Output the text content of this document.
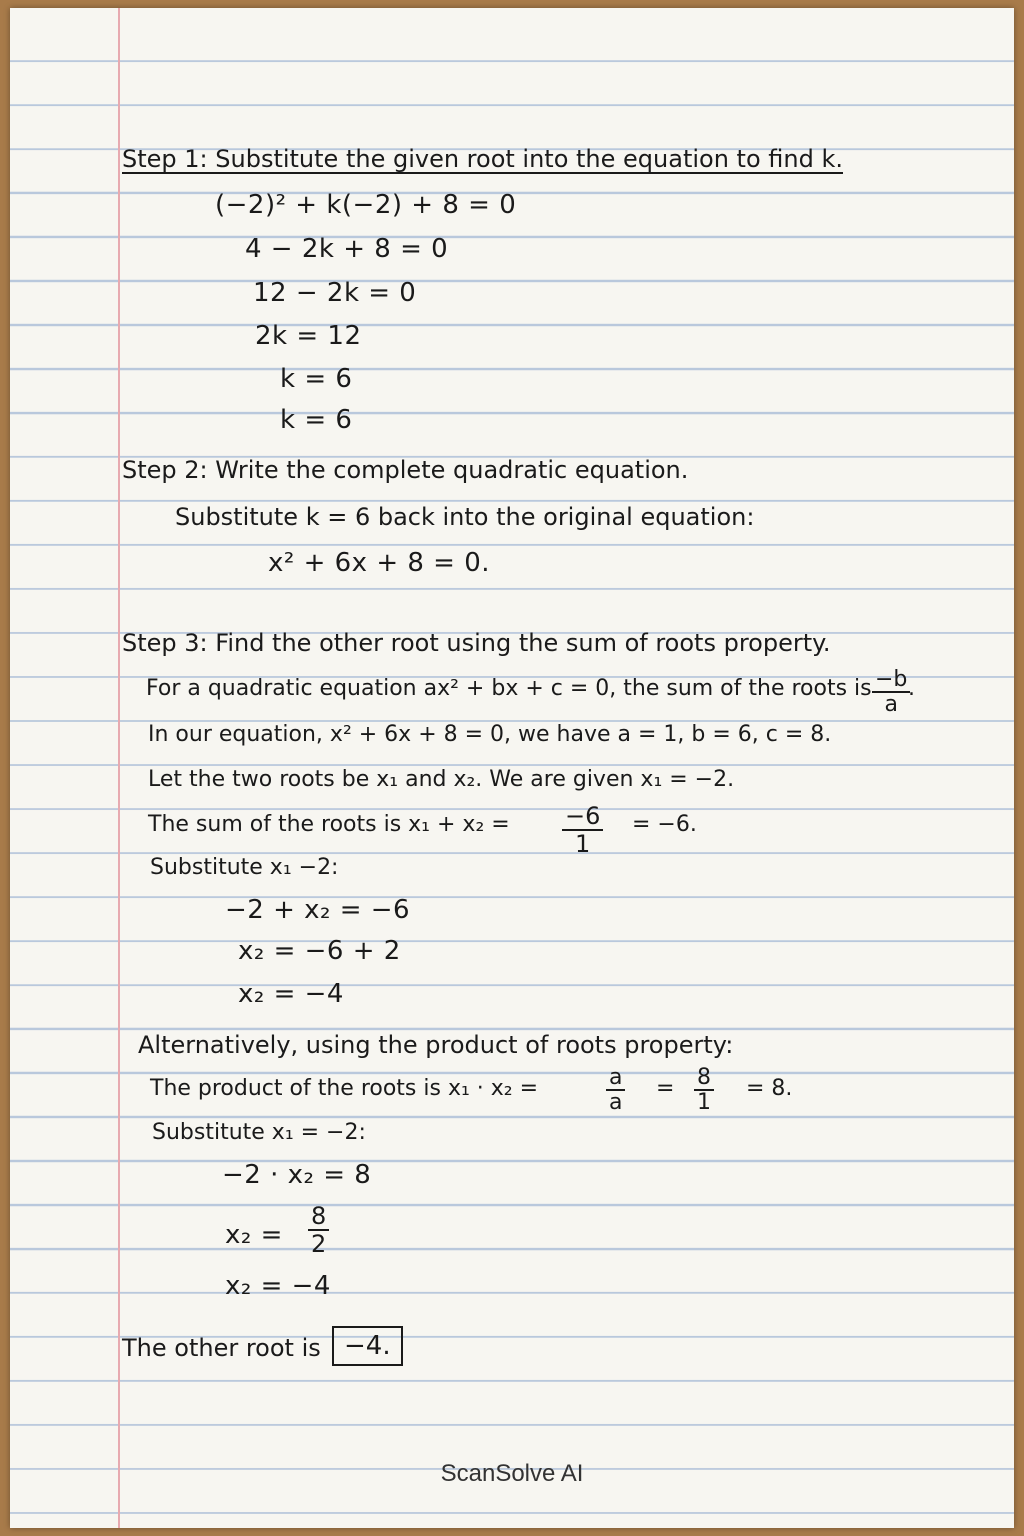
Step 1: Substitute the given root into the equation to find k.
(−2)² + k(−2) + 8 = 0
4 − 2k + 8 = 0
12 − 2k = 0
2k = 12
k = 6
k = 6
Step 2: Write the complete quadratic equation.
Substitute k = 6 back into the original equation:
x² + 6x + 8 = 0.
Step 3: Find the other root using the sum of roots property.
For a quadratic equation ax² + bx + c = 0, the sum of the roots is $\frac{-b}{a}$
.
In our equation, x² + 6x + 8 = 0, we have a = 1, b = 6, c = 8.
Let the two roots be x₁ and x₂. We are given x₁ = −2.
The sum of the roots is $x_1 + x_2 = \frac{-6}{1} = -6$.
Substitute x₁ −2:
−2 + x₂ = −6
x₂ = −6 + 2
x₂ = −4
Alternatively, using the product of roots property:
The product of the roots is x₁ · x₂ =	$\frac{a}{a} = \frac{8}{1} = 8$.
Substitute x₁ = −2:
−2 · x₂ = 8
$x_2 = \frac{8}{2}$
x₂ = −4
The other root is −4.
ScanSolve AI
